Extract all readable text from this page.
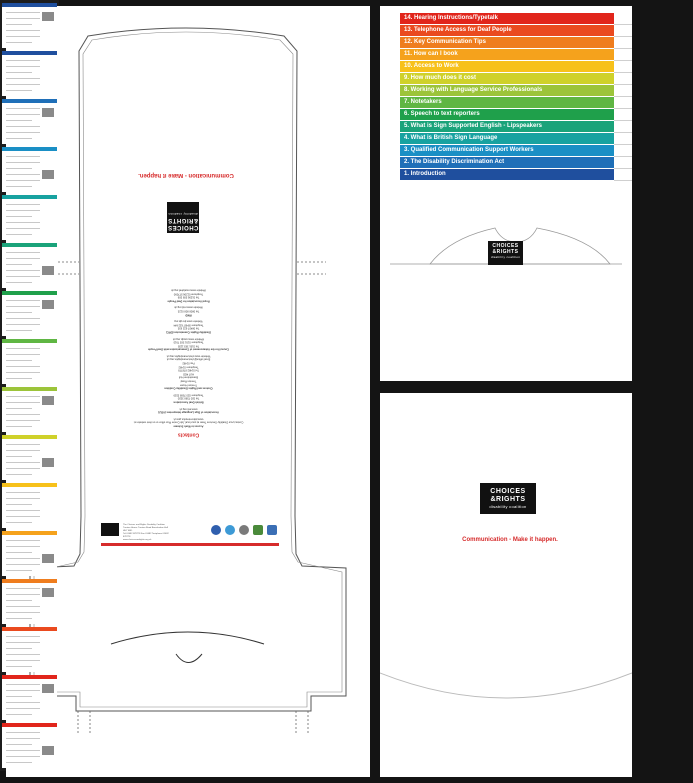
Communication - Make it happen.
CHOICES
&RIGHTS
disability coalition
Contacts
Access to Work Scheme
Contact your Disability Services Team at your local Job Centre Plus office or on their website at:
www.jobcentreplus.gov.uk
Association of Sign Language Interpreters (ASLI)
www.asli.org.uk
British Deaf Association
Tel 020 7588 3520
Textphone 020 7588 3529
Choices and Rights Disability Coalition
Trenton House
Trenton Road
Bransholme Hull
HU7 4ED
Tel 01482 878778
Textphone 01482
Fax 01482
Email office@choicesandrights.org.uk
Website www.choicesandrights.org.uk
Council for the Advancement of Communication with Deaf People
Tel 0191 383 1155
Textphone 0191 383 7915
Website www.cacdp.org.uk
Disability Rights Commission (DRC)
Tel 08457 622 633
Textphone 08457 622 644
Website www.drc-gb.org
RNID
Tel 0808 808 0123
Website www.rnid.org.uk
Royal Association for Deaf People
Tel 01206 509 509
Textphone 01206 577090
Website www.royaldeaf.org.uk
The Choices and Rights Disability Coalition
Trenton House Trenton Road Bransholme Hull HU7 4ED
Tel 01482 878778 Fax 01482 Textphone 01482 878778
www.choicesandrights.org.uk
14. Hearing Instructions/Typetalk
13. Telephone Access for Deaf People
12. Key Communication Tips
11. How can I book
10. Access to Work
9. How much does it cost
8. Working with Language Service Professionals
7. Notetakers
6. Speech to text reporters
5. What is Sign Supported English - Lipspeakers
4. What is British Sign Language
3. Qualified Communication Support Workers
2. The Disability Discrimination Act
1. Introduction
CHOICES
&RIGHTS
disability coalition
CHOICES
&RIGHTS
disability coalition
Communication - Make it happen.
